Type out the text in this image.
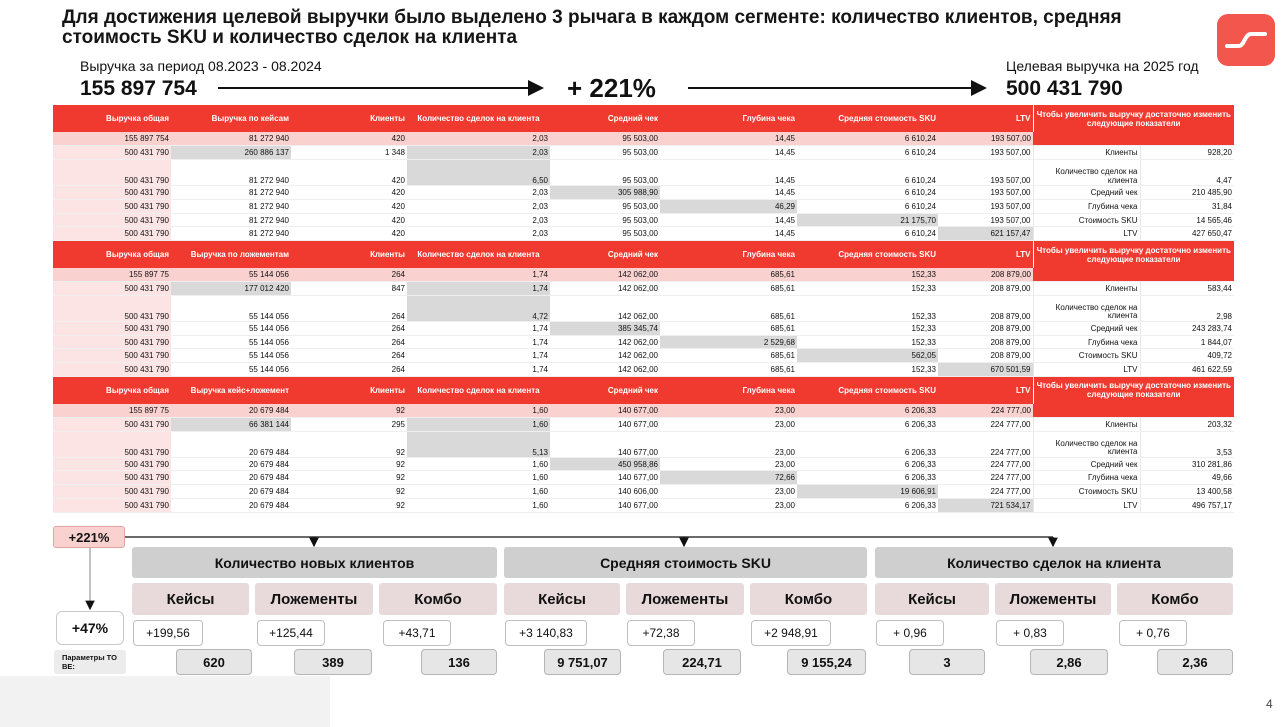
Для достижения целевой выручки было выделено 3 рычага в каждом сегменте: количество клиентов, средняя стоимость SKU и количество сделок на клиента
Выручка за период 08.2023 - 08.2024
155 897 754	+ 221%
Целевая выручка на 2025 год
500 431 790
Выручка общая	Выручка по кейсам	Клиенты	Количество сделок на клиента	Средний чек	Глубина чека	Средняя стоимость SKU	LTV	Чтобы увеличить выручку достаточно изменить следующие показатели	
155 897 754	81 272 940	420	2,03	95 503,00	14,45	6 610,24	193 507,00		
500 431 790	260 886 137	1 348	2,03	95 503,00	14,45	6 610,24	193 507,00	Клиенты	928,20
500 431 790	81 272 940	420	6,50	95 503,00	14,45	6 610,24	193 507,00	Количество сделок на клиента	4,47
500 431 790	81 272 940	420	2,03	305 988,90	14,45	6 610,24	193 507,00	Средний чек	210 485,90
500 431 790	81 272 940	420	2,03	95 503,00	46,29	6 610,24	193 507,00	Глубина чека	31,84
500 431 790	81 272 940	420	2,03	95 503,00	14,45	21 175,70	193 507,00	Стоимость SKU	14 565,46
500 431 790	81 272 940	420	2,03	95 503,00	14,45	6 610,24	621 157,47	LTV	427 650,47
Выручка общая	Выручка по ложементам	Клиенты	Количество сделок на клиента	Средний чек	Глубина чека	Средняя стоимость SKU	LTV	Чтобы увеличить выручку достаточно изменить следующие показатели	
155 897 75	55 144 056	264	1,74	142 062,00	685,61	152,33	208 879,00		
500 431 790	177 012 420	847	1,74	142 062,00	685,61	152,33	208 879,00	Клиенты	583,44
500 431 790	55 144 056	264	4,72	142 062,00	685,61	152,33	208 879,00	Количество сделок на клиента	2,98
500 431 790	55 144 056	264	1,74	385 345,74	685,61	152,33	208 879,00	Средний чек	243 283,74
500 431 790	55 144 056	264	1,74	142 062,00	2 529,68	152,33	208 879,00	Глубина чека	1 844,07
500 431 790	55 144 056	264	1,74	142 062,00	685,61	562,05	208 879,00	Стоимость SKU	409,72
500 431 790	55 144 056	264	1,74	142 062,00	685,61	152,33	670 501,59	LTV	461 622,59
Выручка общая	Выручка кейс+ложемент	Клиенты	Количество сделок на клиента	Средний чек	Глубина чека	Средняя стоимость SKU	LTV	Чтобы увеличить выручку достаточно изменить следующие показатели	
155 897 75	20 679 484	92	1,60	140 677,00	23,00	6 206,33	224 777,00		
500 431 790	66 381 144	295	1,60	140 677,00	23,00	6 206,33	224 777,00	Клиенты	203,32
500 431 790	20 679 484	92	5,13	140 677,00	23,00	6 206,33	224 777,00	Количество сделок на клиента	3,53
500 431 790	20 679 484	92	1,60	450 958,86	23,00	6 206,33	224 777,00	Средний чек	310 281,86
500 431 790	20 679 484	92	1,60	140 677,00	72,66	6 206,33	224 777,00	Глубина чека	49,66
500 431 790	20 679 484	92	1,60	140 606,00	23,00	19 606,91	224 777,00	Стоимость SKU	13 400,58
500 431 790	20 679 484	92	1,60	140 677,00	23,00	6 206,33	721 534,17	LTV	496 757,17
+221%
+47%
Параметры TO BE:
Количество новых клиентов	Средняя стоимость SKU	Количество сделок на клиента
Кейсы	Ложементы	Комбо	Кейсы	Ложементы	Комбо	Кейсы	Ложементы	Комбо
+199,56	+125,44	+43,71	+3 140,83	+72,38	+2 948,91	+ 0,96	+ 0,83	+ 0,76
620	389	136	9 751,07	224,71	9 155,24	3	2,86	2,36
4
